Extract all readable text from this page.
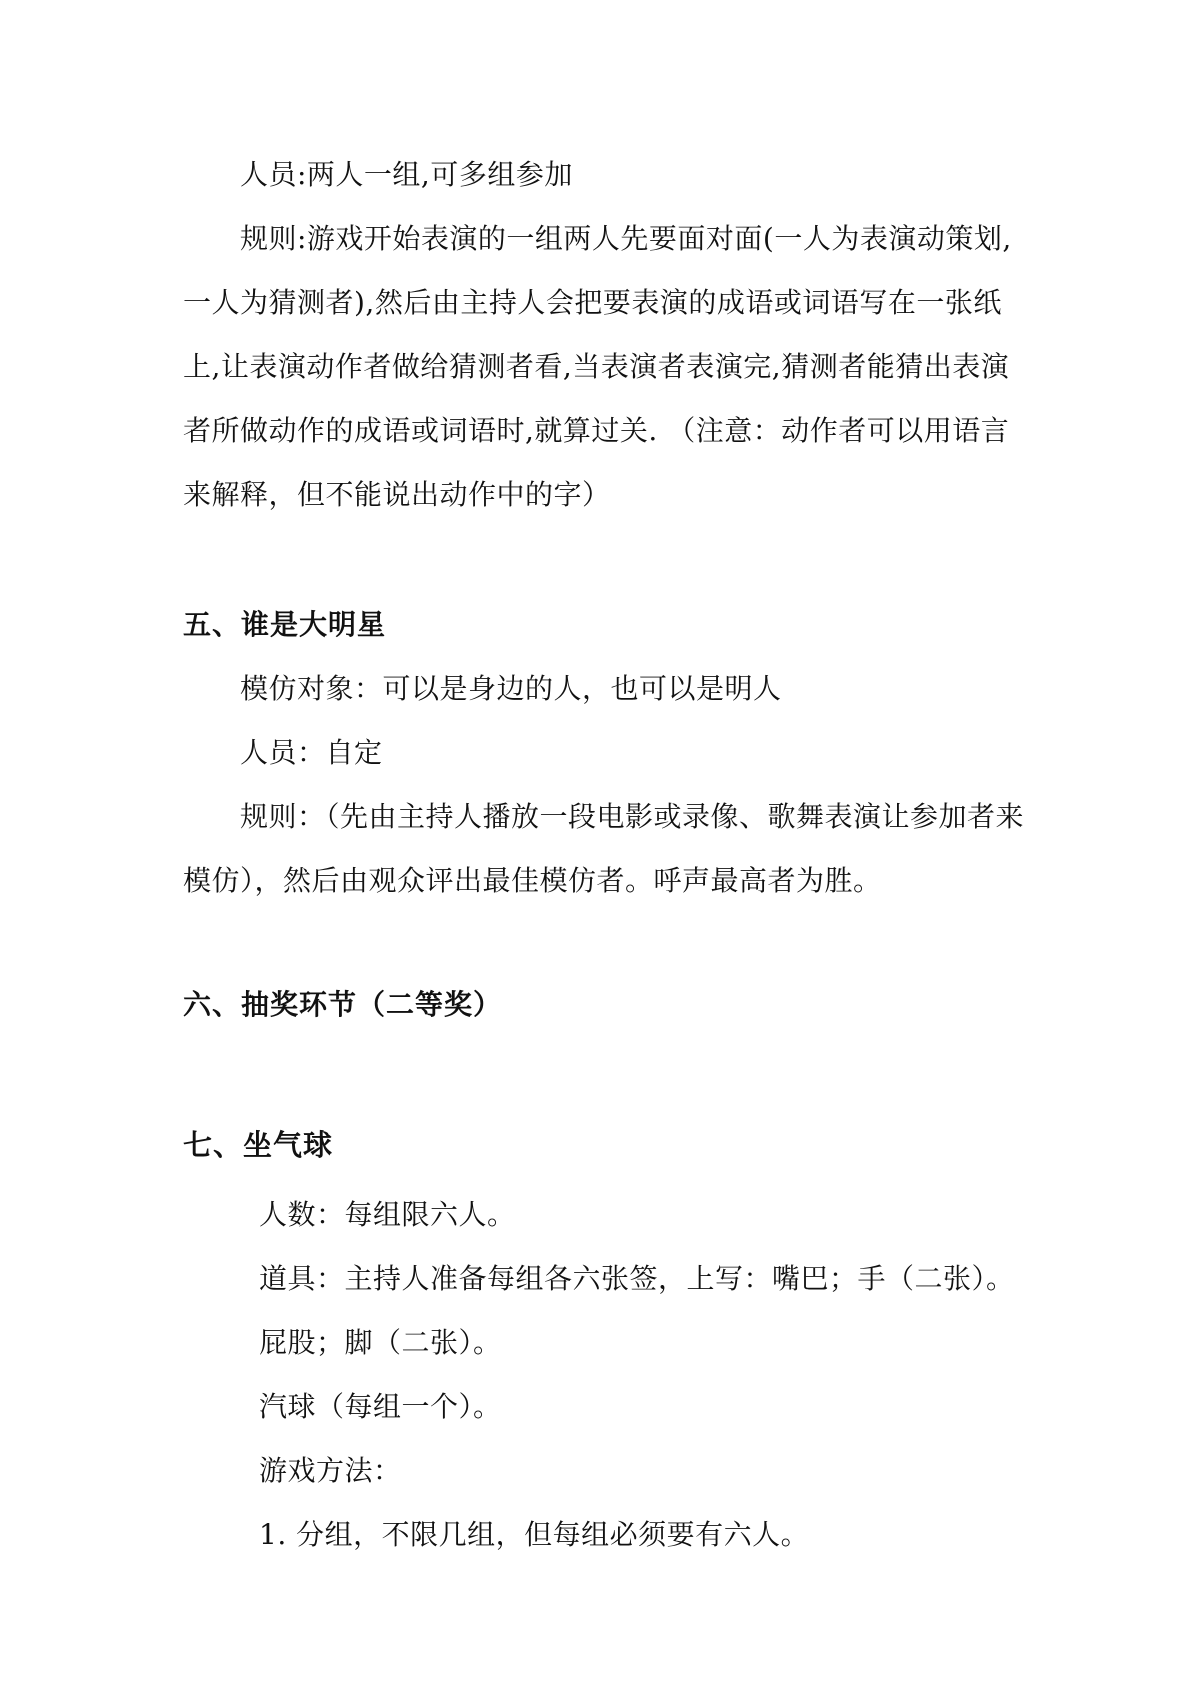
人员:两人一组,可多组参加
规则:游戏开始表演的一组两人先要面对面(一人为表演动策划,
一人为猜测者),然后由主持人会把要表演的成语或词语写在一张纸
上,让表演动作者做给猜测者看,当表演者表演完,猜测者能猜出表演
者所做动作的成语或词语时,就算过关. （注意：动作者可以用语言
来解释，但不能说出动作中的字）
五、谁是大明星
模仿对象：可以是身边的人，也可以是明人
人员：自定
规则：（先由主持人播放一段电影或录像、歌舞表演让参加者来
模仿），然后由观众评出最佳模仿者。呼声最高者为胜。
六、抽奖环节（二等奖）
七、坐气球
人数：每组限六人。
道具：主持人准备每组各六张签，上写：嘴巴；手（二张）。
屁股；脚（二张）。
汽球（每组一个）。
游戏方法：
1. 分组，不限几组，但每组必须要有六人。
